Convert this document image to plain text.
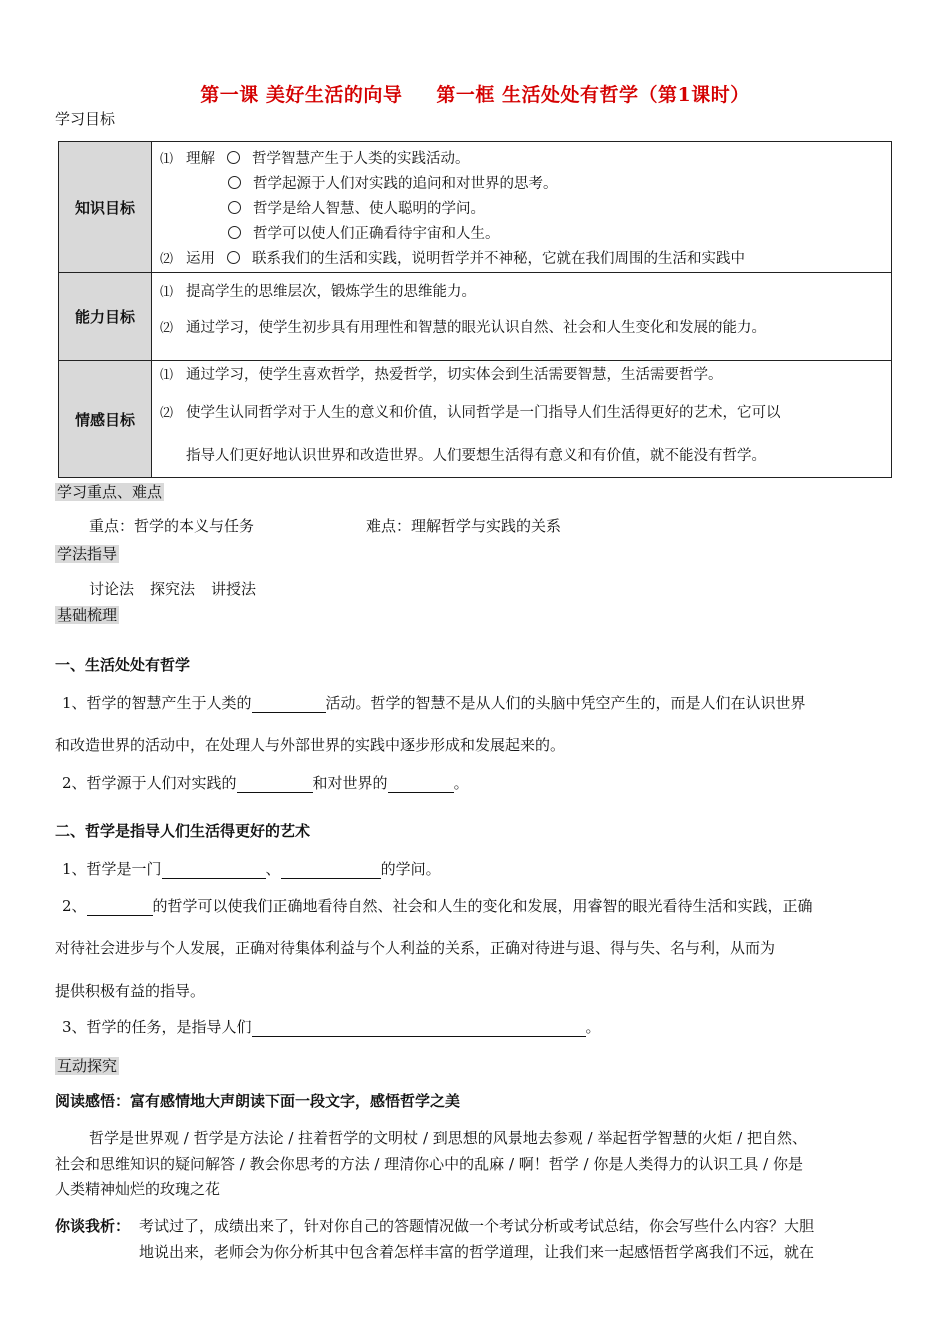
第一课 美好生活的向导 第一框 生活处处有哲学（第1课时）
学习目标
知识目标	⑴ 理解 哲学智慧产生于人类的实践活动。
哲学起源于人们对实践的追问和对世界的思考。
哲学是给人智慧、使人聪明的学问。
哲学可以使人们正确看待宇宙和人生。
⑵ 运用 联系我们的生活和实践，说明哲学并不神秘，它就在我们周围的生活和实践中

能力目标	⑴ 提高学生的思维层次，锻炼学生的思维能力。
⑵ 通过学习，使学生初步具有用理性和智慧的眼光认识自然、社会和人生变化和发展的能力。

情感目标	⑴ 通过学习，使学生喜欢哲学，热爱哲学，切实体会到生活需要智慧，生活需要哲学。
⑵ 使学生认同哲学对于人生的意义和价值，认同哲学是一门指导人们生活得更好的艺术，它可以
指导人们更好地认识世界和改造世界。人们要想生活得有意义和有价值，就不能没有哲学。
学习重点、难点
重点：哲学的本义与任务	难点：理解哲学与实践的关系
学法指导
讨论法 探究法 讲授法
基础梳理
一、生活处处有哲学
1、哲学的智慧产生于人类的	活动。哲学的智慧不是从人们的头脑中凭空产生的，而是人们在认识世界
和改造世界的活动中，在处理人与外部世界的实践中逐步形成和发展起来的。
2、哲学源于人们对实践的	和对世界的	。
二、哲学是指导人们生活得更好的艺术
1、哲学是一门	、	的学问。
2、	的哲学可以使我们正确地看待自然、社会和人生的变化和发展，用睿智的眼光看待生活和实践，正确
对待社会进步与个人发展，正确对待集体利益与个人利益的关系，正确对待进与退、得与失、名与利，从而为
提供积极有益的指导。
3、哲学的任务，是指导人们	。
互动探究
阅读感悟：富有感情地大声朗读下面一段文字，感悟哲学之美
哲学是世界观 / 哲学是方法论 / 拄着哲学的文明杖 / 到思想的风景地去参观 / 举起哲学智慧的火炬 / 把自然、
社会和思维知识的疑问解答 / 教会你思考的方法 / 理清你心中的乱麻 / 啊！哲学 / 你是人类得力的认识工具 / 你是
人类精神灿烂的玫瑰之花
你谈我析： 考试过了，成绩出来了，针对你自己的答题情况做一个考试分析或考试总结，你会写些什么内容？大胆
地说出来，老师会为你分析其中包含着怎样丰富的哲学道理，让我们来一起感悟哲学离我们不远，就在
